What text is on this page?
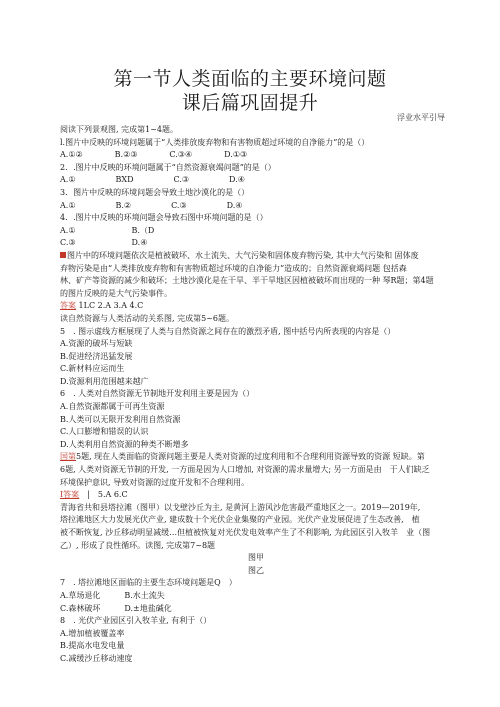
第一节人类面临的主要环境问题
课后篇巩固提升
浮业水平引导

阅读下列景观图, 完成第1~4题。

l.图片中反映的环境问题属于“人类排放废弃物和有害物质超过环境的自净能力”的是（）

A.①②　　　　B.②③　　　　C.③④　　　　D.①③

2．.图片中反映的环境问题属于“自然资源衰竭问题”的是（）

A.①　　　　　BXD　　　　　C.③　　　　　D.④

3．图片中反映的环境问题会导致土地沙漠化的是（）

A.①　　　　　B.②　　　　　C.③　　　　　D.④

4．.图片中反映的环境问题会导致石图中环境问题的是（）

A.①　　　　　　　B.（D

C.③　　　　　　　D.④

图片中的环境问题依次是植被破坏、水土流失、大气污染和固体废弃物污染, 其中大气污染和 固体废

弃物污染是由“人类排放废弃物和有害物质超过环境的自净能力”造成的；自然资源衰竭问题 包括森

林、矿产等资源的减少和破坏；土地沙漠化是在干旱、半干旱地区因植被破坏而出现的一种 琴R题；第4题

的图片反映的是大气污染事件。

答案 1LC 2.A 3.A 4.C

读自然资源与人类活动的关系图, 完成第5~6题。

5　. 图示虚线方框展现了人类与自然资源之间存在的激烈矛盾, 图中括号内所表现的内容是（）

A.资源的破坏与短缺

B.促进经济迅猛发展

C.新材料应运而生

D.资源利用范围越来越广

6　. 人类对自然资源无节制地开发利用主要是因为（）

A.自然资源都属于可再生资源

B.人类可以无限开发利用自然资源

C.人口膨增和错误的认识

D.人类利用自然资源的种类不断增多

国第5题, 现在人类面临的资源问题主要是人类对资源的过度利用和不合理利用资源导致的资源 短缺。第

6题, 人类对资源无节制的开发, 一方面是因为人口增加, 对资源的需求量增大; 另一方面是由　于人们缺乏

环境保护意识, 导致对资源的过度开发和不合理利用。

I答案　|　5.A 6.C

青海省共和县塔拉滩（图甲）以戈壁沙丘为主, 是黄河上游风沙危害最严重地区之一。2019—2019年,

塔拉滩地区大力发展光伏产业, 建成数十个光伏企业集聚的产业园。光伏产业发展促进了生态改善,　植

被不断恢复, 沙丘移动明显减缓…但植被恢复对光伏发电效率产生了不利影响, 为此园区引入牧羊　业（图

乙）, 形成了良性循环。读图, 完成第7~8题

图甲

图乙

7　. 塔拉滩地区面临的主要生态环境问题是Q　）

A.草场退化　　　B.水土流失

C.森林破坏　　　D.±地盐碱化

8　. 光伏产业园区引入牧羊业, 有利于（）

A.增加植被覆盖率

B.提高水电发电量

C.减缓沙丘移动速度
